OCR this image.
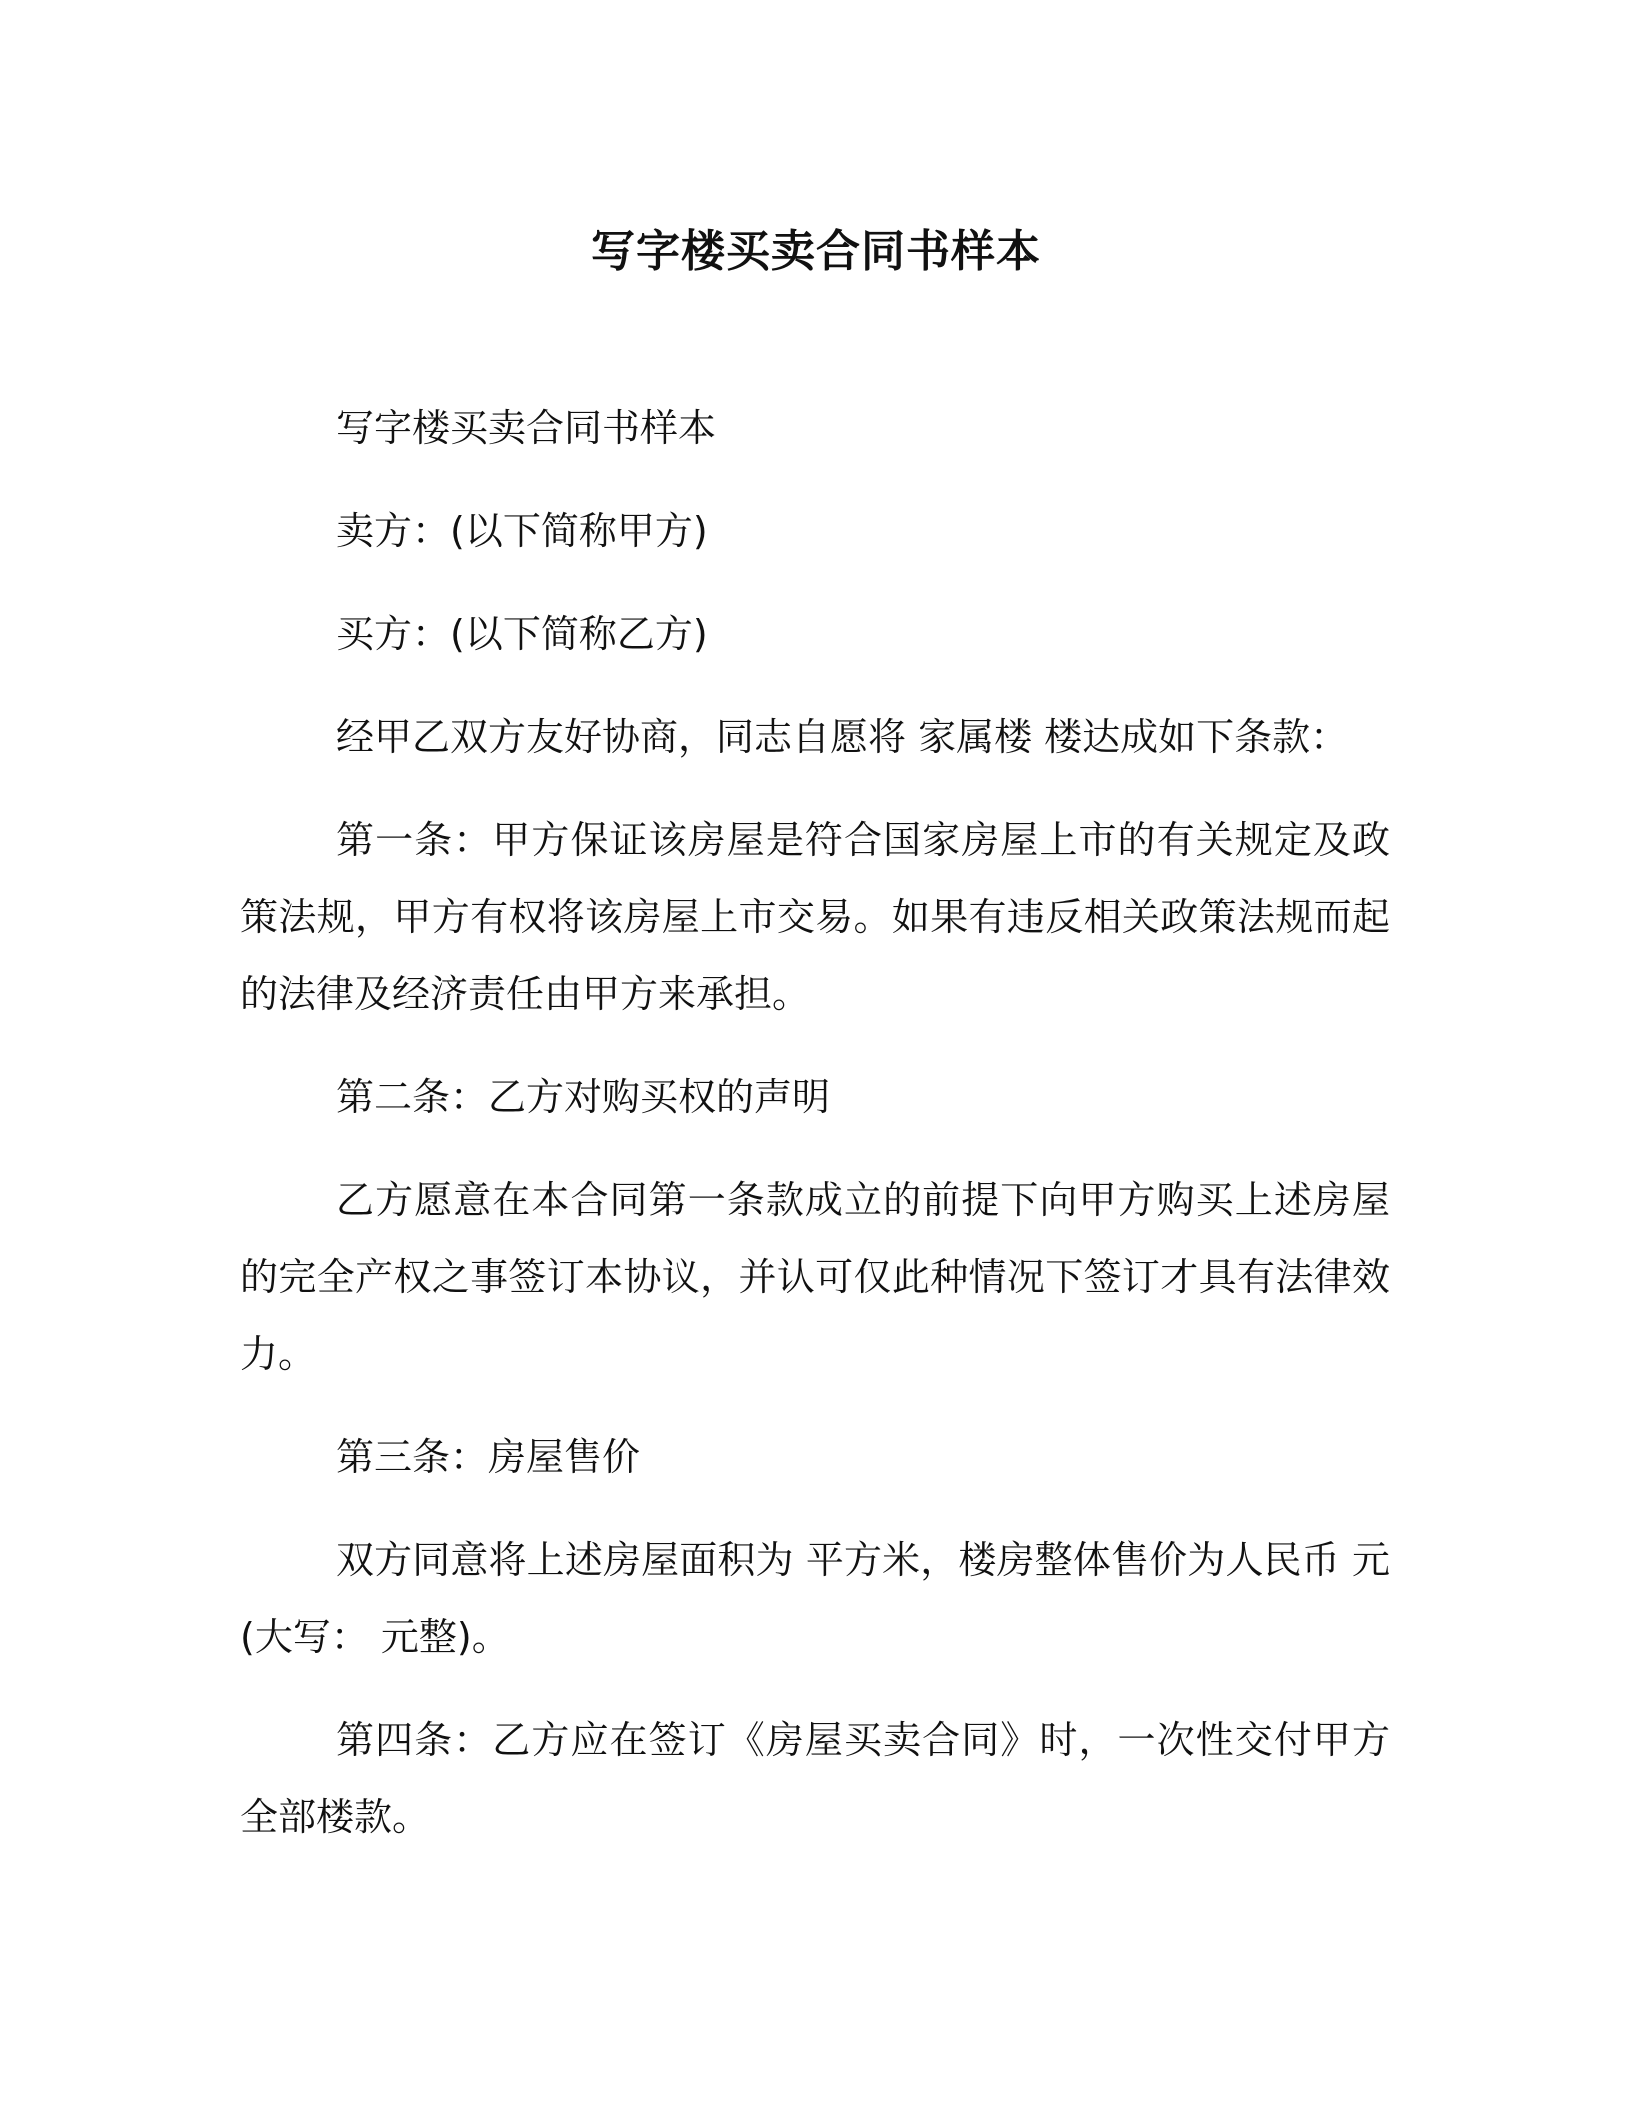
写字楼买卖合同书样本

写字楼买卖合同书样本

卖方：(以下简称甲方)

买方：(以下简称乙方)

经甲乙双方友好协商，同志自愿将 家属楼 楼达成如下条款：

第一条：甲方保证该房屋是符合国家房屋上市的有关规定及政策法规，甲方有权将该房屋上市交易。如果有违反相关政策法规而起的法律及经济责任由甲方来承担。

第二条：乙方对购买权的声明

乙方愿意在本合同第一条款成立的前提下向甲方购买上述房屋的完全产权之事签订本协议，并认可仅此种情况下签订才具有法律效力。

第三条：房屋售价

双方同意将上述房屋面积为 平方米，楼房整体售价为人民币 元(大写： 元整)。

第四条：乙方应在签订《房屋买卖合同》时，一次性交付甲方全部楼款。
